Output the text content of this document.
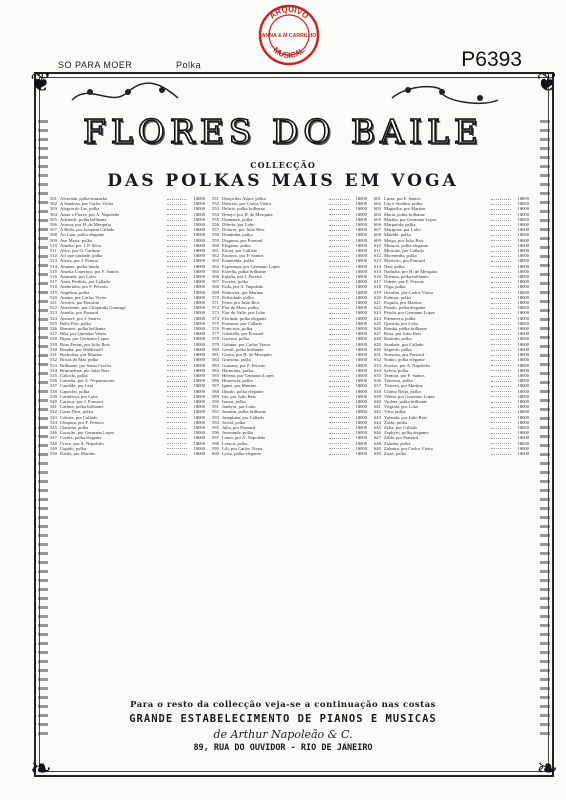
SO PARA MOER	Polka	P6393
ARQUIVO
MUSICAL
ANNA & M CARRILHO
❦	❦
❧	❧
FLORES DO BAILE
COLLECÇÃO
DAS POLKAS MAIS EM VOGA
501 Alvorada, polka-mazurka	1$000
502 A Saudosa, por Carlos Vieira	1$000
503 Alegria do Lar, polka	1$000
504 Amor e Flores, por A. Napoleão	1$000
505 Adelaide, polka brilhante	1$000
506 Aurora, por H. de Mesquita	1$000
507 A Bella, por Joaquim Callado	1$000
508 Ao Luar, polka elegante	1$000
509 Ave Maria, polka	1$000
510 Amelia, por J. P. Silva	1$000
511 Alice, por O. Cardoso	1$000
512 Ai! que saudade, polka	1$000
513 Alzira, por J. Pereira	1$000
514 Amante, polka-lundu	1$000
515 Amelia Lourenço, por F. Santos	1$000
516 Amizade, por Lobo	1$000
517 Amor Perdido, por Callado	1$000
518 Andorinha, por F. Peixoto	1$000
519 Angelina, polka	1$000
520 Annita, por Carlos Vieira	1$000
521 Arrufos, por Bomfim	1$000
522 Attrahente, por Chiquinha Gonzaga	1$000
523 Aurelia, por Ponsard	1$000
524 Aymoré, por J. Soares	1$000
525 Bella Flor, polka	1$000
526 Bemtevi, polka brilhante	1$000
527 Bibi, por Quintino Vieira	1$000
528 Bijou, por Germano Lopes	1$000
529 Boas Festas, por Julio Reis	1$000
530 Bonina, por Waldteufel	1$000
531 Borboleta, por Martins	1$000
532 Brisas do Mar, polka	1$000
533 Brilhante, por Santa Cecilia	1$000
534 Brincadeira, por Julio Reis	1$000
535 Cabocla, polka	1$000
536 Camelia, por A. Nepomuceno	1$000
537 Candida, por Leal	1$000
538 Capricho, polka	1$000
539 Carinhosa, por Lobo	1$000
540 Carioca, por J. Ponsard	1$000
541 Carlota, polka brilhante	1$000
542 Casta Diva, polka	1$000
543 Celeste, por Callado	1$000
544 Chiquita, por F. Peixoto	1$000
545 Clarinha, polka	1$000
546 Coração, por Germano Lopes	1$000
547 Corina, polka elegante	1$000
548 Cravo, por A. Napoleão	1$000
549 Cupido, polka	1$000
550 Dalila, por Martins	1$000
551 Dança dos Anjos, polka	1$000
552 Delicias, por Carlos Vieira	1$000
553 Delirio, polka brilhante	1$000
554 Desejo, por H. de Mesquita	1$000
555 Diamante, polka	1$000
556 Dilecta, por Lobo	1$000
557 Dolores, por Julio Reis	1$000
558 Doudinha, polka	1$000
559 Duquesa, por Ponsard	1$000
560 Elegante, polka	1$000
561 Elvira, por Callado	1$000
562 Encanto, por F. Santos	1$000
563 Esmeralda, polka	1$000
564 Esperança, por Germano Lopes	1$000
565 Estrella, polka brilhante	1$000
566 Eulalia, por J. Pereira	1$000
567 Faceira, polka	1$000
568 Fada, por A. Napoleão	1$000
569 Feiticeira, por Martins	1$000
570 Felicidade, polka	1$000
571 Festa, por Julio Reis	1$000
572 Flor de Maio, polka	1$000
573 Flor do Valle, por Lobo	1$000
574 Florinda, polka elegante	1$000
575 Formosa, por Callado	1$000
576 Francisca, polka	1$000
577 Gabriella, por Ponsard	1$000
578 Gaivota, polka	1$000
579 Galante, por Carlos Vieira	1$000
580 Gentil, polka brilhante	1$000
581 Gloria, por H. de Mesquita	1$000
582 Graciosa, polka	1$000
583 Guarany, por F. Peixoto	1$000
584 Harmonia, polka	1$000
585 Helena, por Germano Lopes	1$000
586 Hortencia, polka	1$000
587 Ignez, por Martins	1$000
588 Illusão, polka elegante	1$000
589 Iris, por Julio Reis	1$000
590 Isaura, polka	1$000
591 Jandyra, por Lobo	1$000
592 Jasmim, polka brilhante	1$000
593 Josephina, por Callado	1$000
594 Jovial, polka	1$000
595 Julia, por Ponsard	1$000
596 Juventude, polka	1$000
597 Laura, por A. Napoleão	1$000
598 Leonor, polka	1$000
599 Lili, por Carlos Vieira	1$000
600 Lyrio, polka elegante	1$000
601 Luiza, por F. Santos	1$000
602 Luz e Sombra, polka	1$000
603 Magnolia, por Martins	1$000
604 Maria, polka brilhante	1$000
605 Marilia, por Germano Lopes	1$000
606 Margarida, polka	1$000
607 Mariposa, por Lobo	1$000
608 Matilde, polka	1$000
609 Meiga, por Julio Reis	1$000
610 Mimosa, polka elegante	1$000
611 Miosotis, por Callado	1$000
612 Moreninha, polka	1$000
613 Mysterio, por Ponsard	1$000
614 Nair, polka	1$000
615 Nathalia, por H. de Mesquita	1$000
616 Noemia, polka brilhante	1$000
617 Odette, por F. Peixoto	1$000
618 Olga, polka	1$000
619 Orvalho, por Carlos Vieira	1$000
620 Palmira, polka	1$000
621 Paquita, por Martins	1$000
622 Paixão, polka elegante	1$000
623 Pérola, por Germano Lopes	1$000
624 Primavera, polka	1$000
625 Querida, por Lobo	1$000
626 Rainha, polka brilhante	1$000
627 Rosa, por Julio Reis	1$000
628 Rosinha, polka	1$000
629 Saudade, por Callado	1$000
630 Segredo, polka	1$000
631 Serenata, por Ponsard	1$000
632 Sonho, polka elegante	1$000
633 Sorriso, por A. Napoleão	1$000
634 Sylvia, polka	1$000
635 Ternura, por F. Santos	1$000
636 Travessa, polka	1$000
637 Tristeza, por Martins	1$000
638 Ultimo Beijo, polka	1$000
639 Velina, por Germano Lopes	1$000
640 Violeta, polka brilhante	1$000
641 Virginia, por Lobo	1$000
642 Yára, polka	1$000
643 Yolanda, por Julio Reis	1$000
644 Zaida, polka	1$000
645 Zelia, por Callado	1$000
646 Zephyro, polka elegante	1$000
647 Zilda, por Ponsard	1$000
648 Zizinha, polka	1$000
649 Zulmira, por Carlos Vieira	1$000
650 Zuzú, polka	1$000
Para o resto da collecção veja-se a continuação nas costas
GRANDE ESTABELECIMENTO DE PIANOS E MUSICAS
de Arthur Napoleão & C.
89, RUA DO OUVIDOR - RIO DE JANEIRO
